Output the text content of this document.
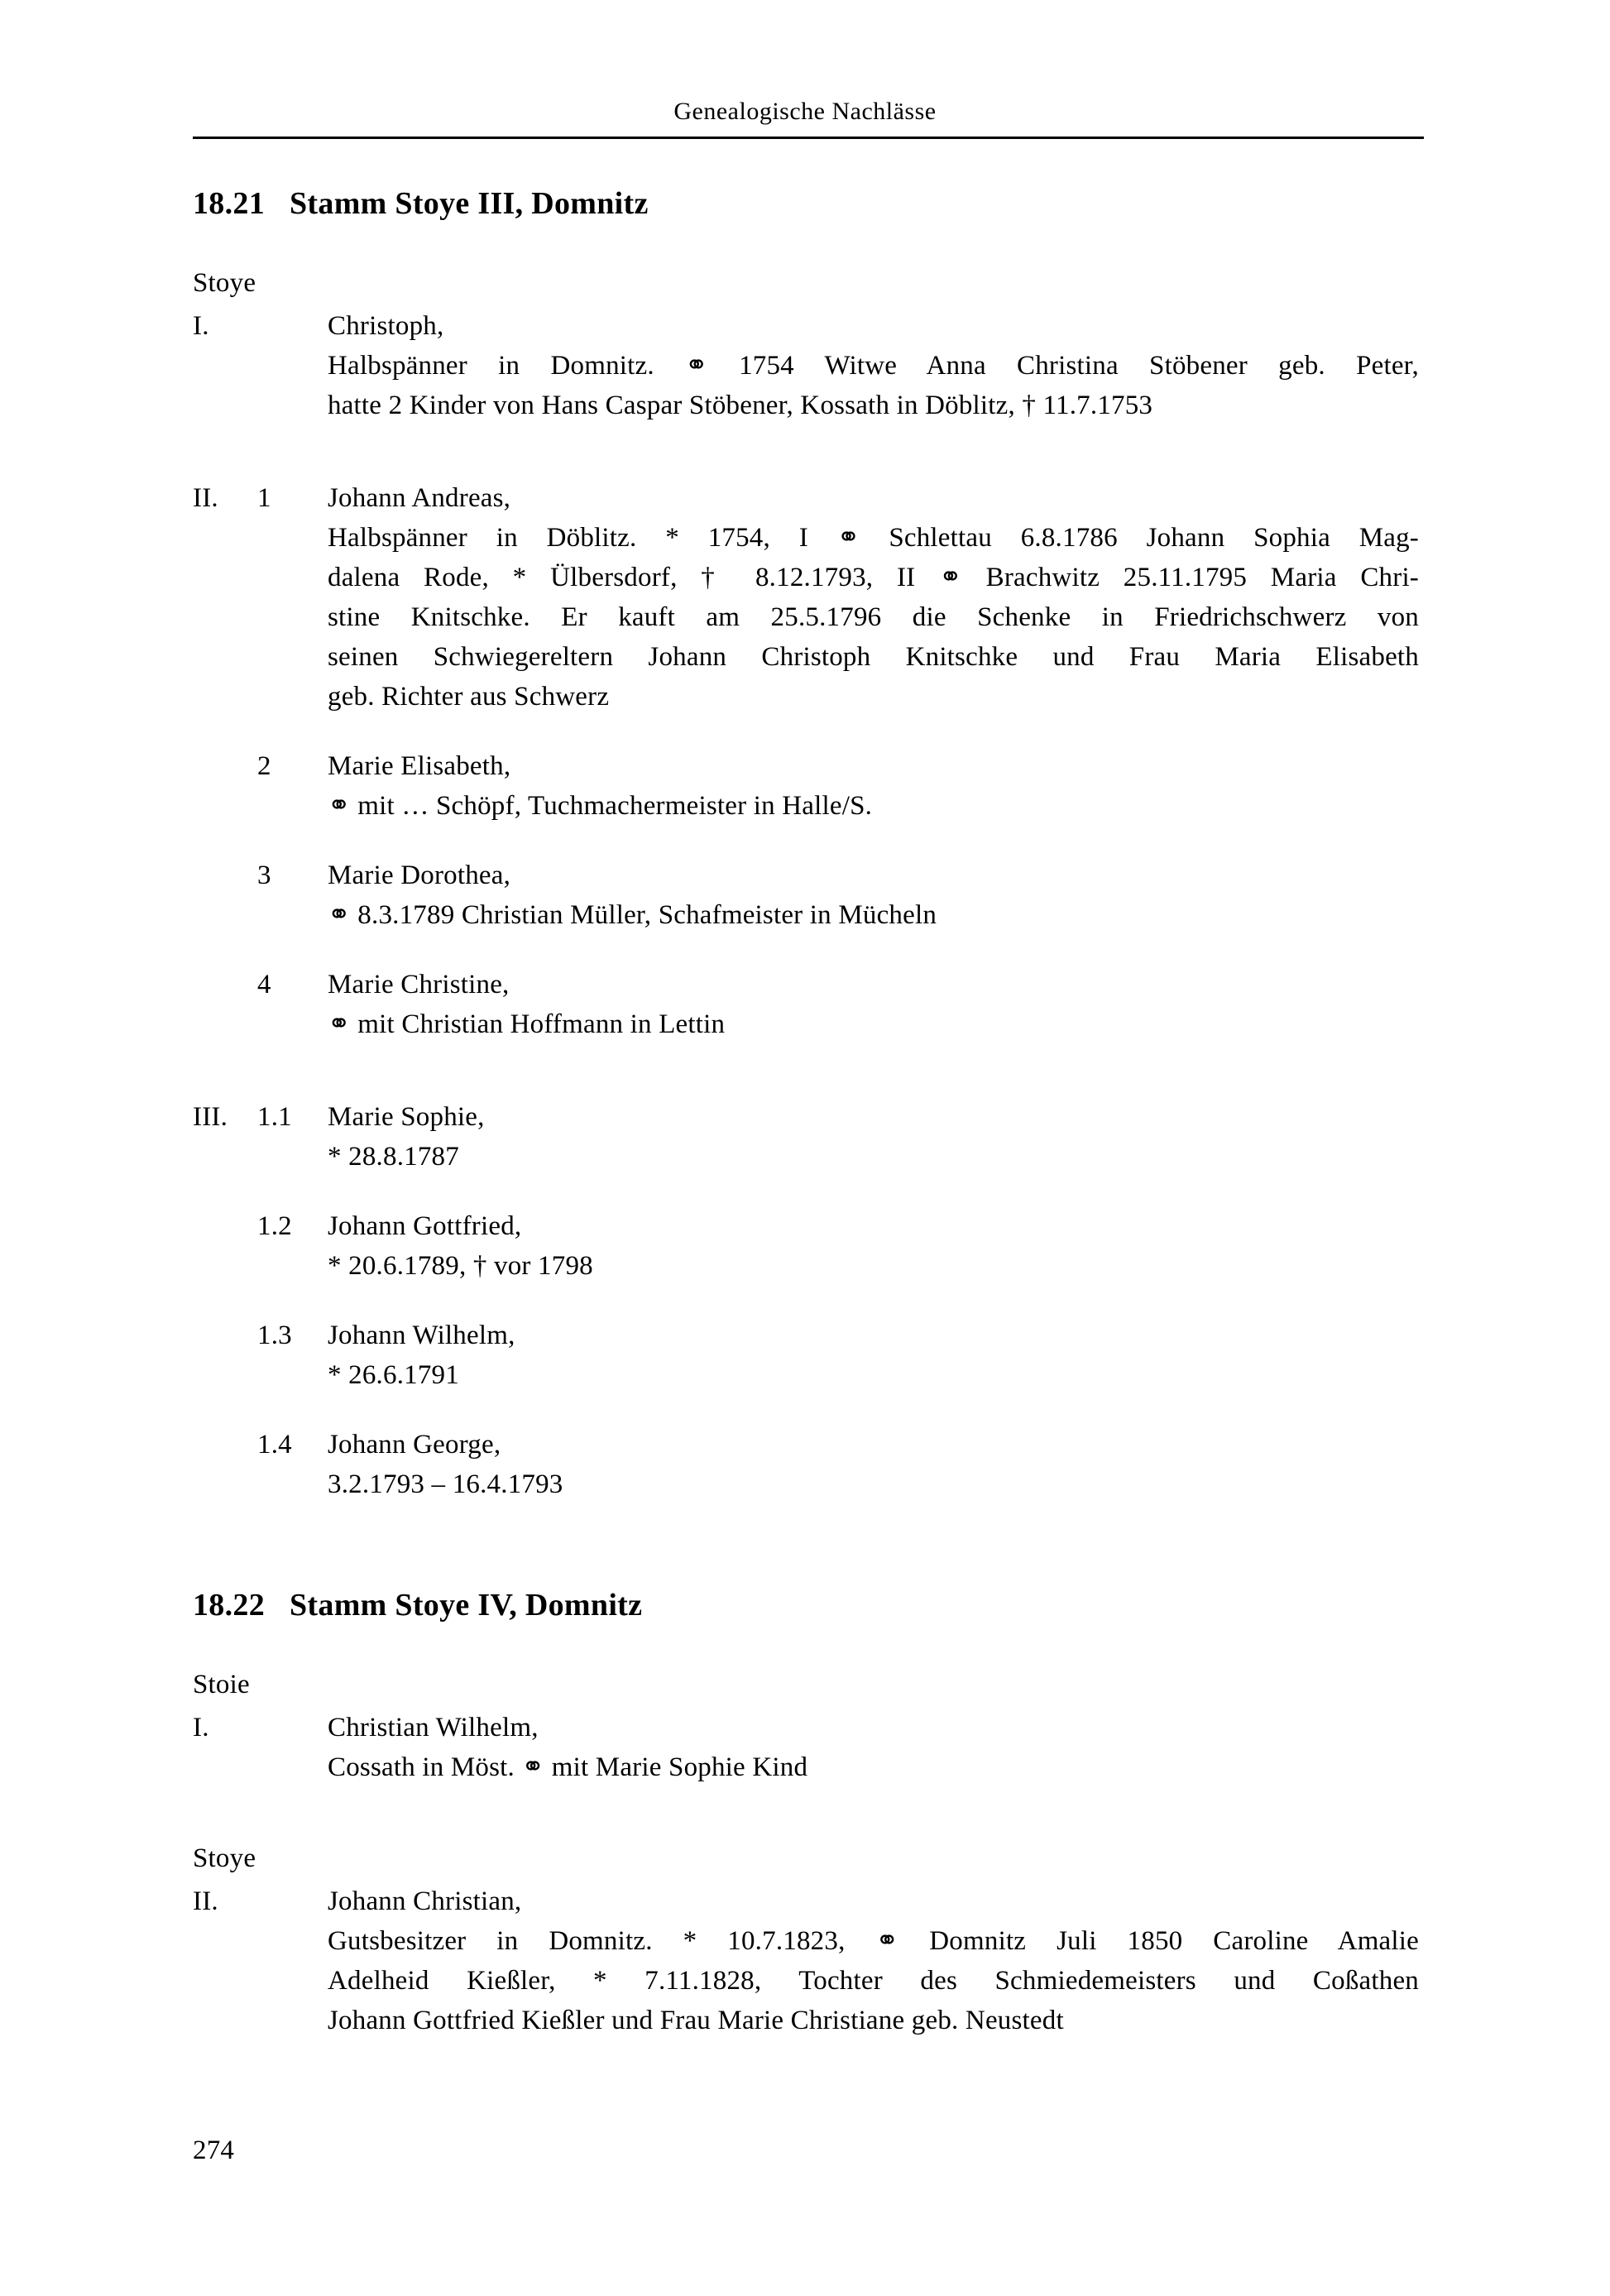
Genealogische Nachlässe
18.21 Stamm Stoye III, Domnitz
Stoye
I.	Christoph,
Halbspänner in Domnitz. ⚭ 1754 Witwe Anna Christina Stöbener geb. Peter,
hatte 2 Kinder von Hans Caspar Stöbener, Kossath in Döblitz, † 11.7.1753
II.	1	Johann Andreas,
Halbspänner in Döblitz. * 1754, I ⚭ Schlettau 6.8.1786 Johann Sophia Mag-
dalena Rode, * Ülbersdorf, † 8.12.1793, II ⚭ Brachwitz 25.11.1795 Maria Chri-
stine Knitschke. Er kauft am 25.5.1796 die Schenke in Friedrichschwerz von
seinen Schwiegereltern Johann Christoph Knitschke und Frau Maria Elisabeth
geb. Richter aus Schwerz
2	Marie Elisabeth,
⚭ mit … Schöpf, Tuchmachermeister in Halle/S.
3	Marie Dorothea,
⚭ 8.3.1789 Christian Müller, Schafmeister in Mücheln
4	Marie Christine,
⚭ mit Christian Hoffmann in Lettin
III.	1.1	Marie Sophie,
* 28.8.1787
1.2	Johann Gottfried,
* 20.6.1789, † vor 1798
1.3	Johann Wilhelm,
* 26.6.1791
1.4	Johann George,
3.2.1793 – 16.4.1793
18.22 Stamm Stoye IV, Domnitz
Stoie
I.	Christian Wilhelm,
Cossath in Möst. ⚭ mit Marie Sophie Kind
Stoye
II.	Johann Christian,
Gutsbesitzer in Domnitz. * 10.7.1823, ⚭ Domnitz Juli 1850 Caroline Amalie
Adelheid Kießler, * 7.11.1828, Tochter des Schmiedemeisters und Coßathen
Johann Gottfried Kießler und Frau Marie Christiane geb. Neustedt
274
